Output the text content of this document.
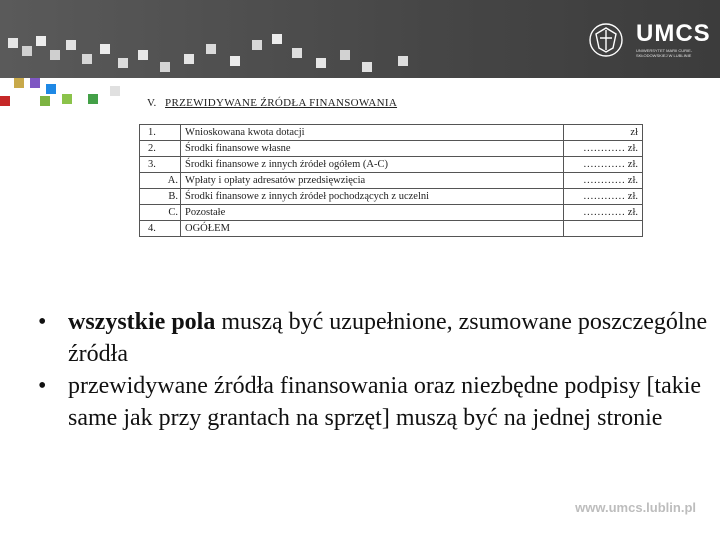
UMCS
UNIWERSYTET MARII CURIE-SKŁODOWSKIEJ W LUBLINIE
V. PRZEWIDYWANE ŹRÓDŁA FINANSOWANIA
1.	Wnioskowana kwota dotacji	zł
2.	Środki finansowe własne	………… zł.
3.	Środki finansowe z innych źródeł ogółem (A-C)	………… zł.
A.	Wpłaty i opłaty adresatów przedsięwzięcia	………… zł.
B.	Środki finansowe z innych źródeł pochodzących z uczelni	………… zł.
C.	Pozostałe	………… zł.
4.	OGÓŁEM	

• wszystkie pola muszą być uzupełnione, zsumowane poszczególne źródła

• przewidywane źródła finansowania oraz niezbędne podpisy [takie same jak przy grantach na sprzęt] muszą być na jednej stronie

www.umcs.lublin.pl
